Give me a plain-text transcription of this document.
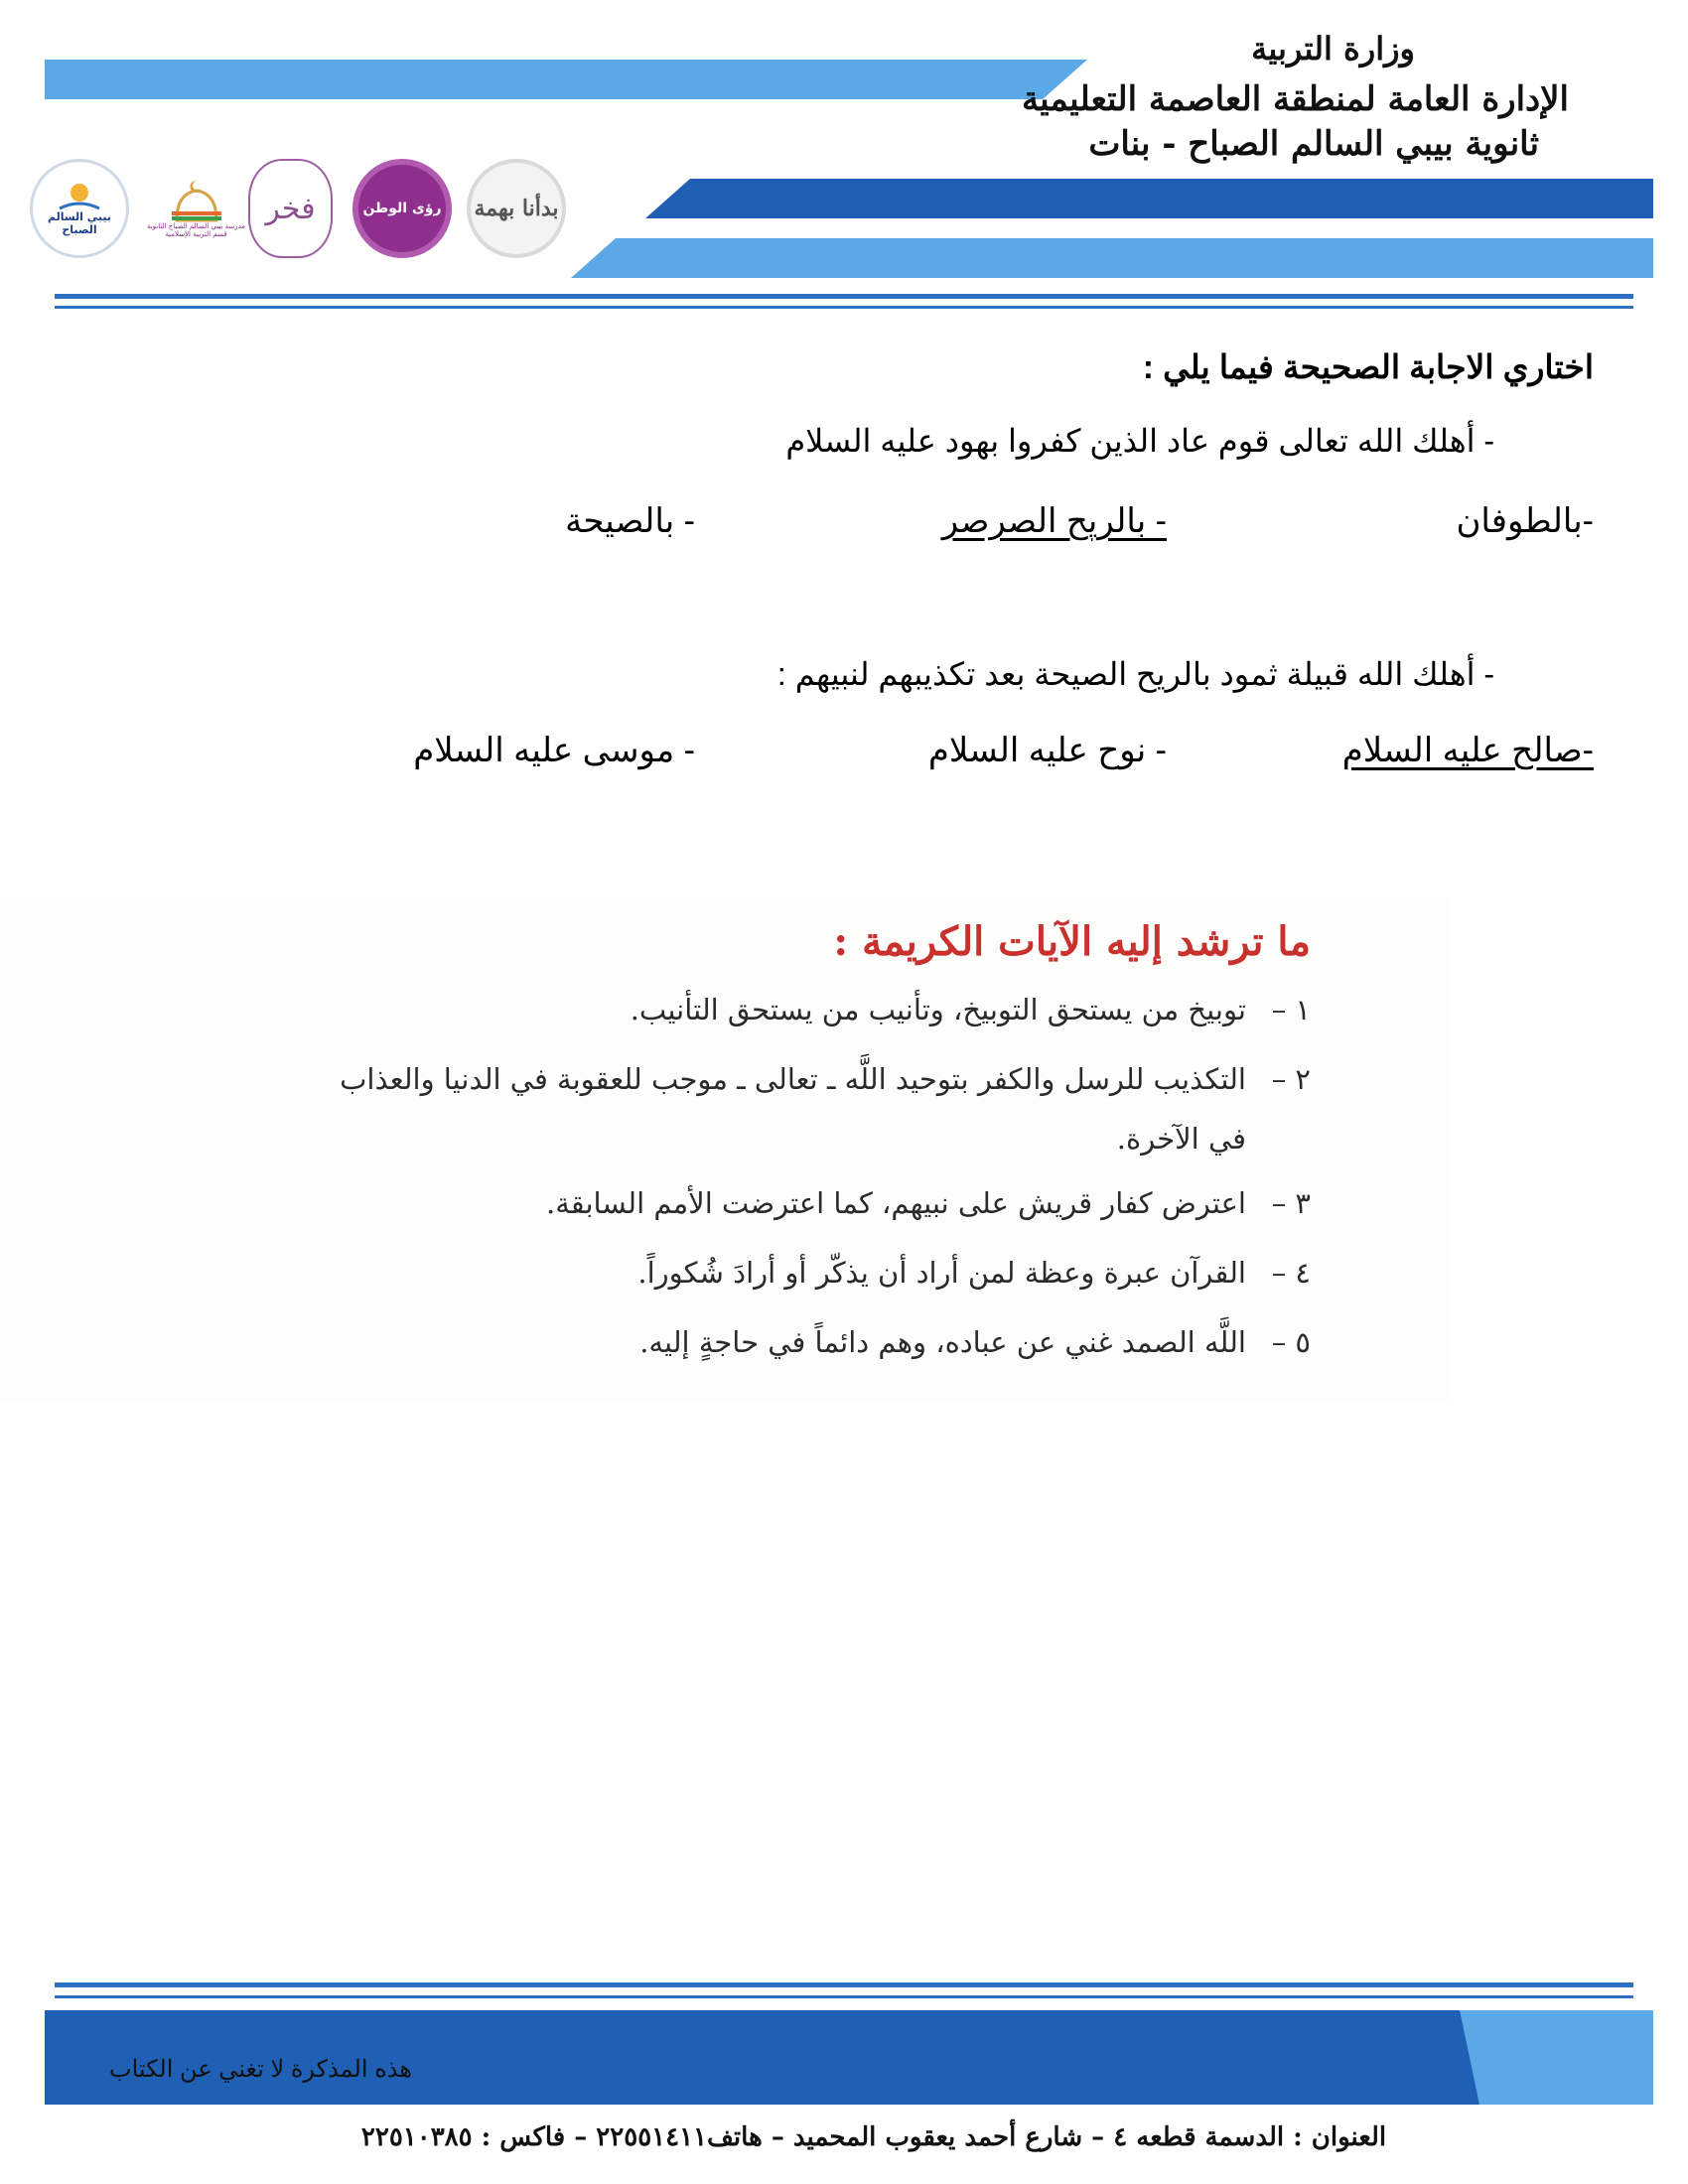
وزارة التربية
الإدارة العامة لمنطقة العاصمة التعليمية
ثانوية بيبي السالم الصباح - بنات
بدأنا بهمة
رؤى الوطن
فخر
مدرسة بيبي السالم الصباح الثانوية قسم التربية الإسلامية
بيبي السالم الصباح
اختاري الاجابة الصحيحة فيما يلي :
- أهلك الله تعالى قوم عاد الذين كفروا بهود عليه السلام
-بالطوفان
- بالريح الصرصر
- بالصيحة
- أهلك الله قبيلة ثمود بالريح الصيحة بعد تكذيبهم لنبيهم :
-صالح عليه السلام
- نوح عليه السلام
- موسى عليه السلام
ما ترشد إليه الآيات الكريمة :
١ –
توبيخ من يستحق التوبيخ، وتأنيب من يستحق التأنيب.
٢ –
التكذيب للرسل والكفر بتوحيد اللَّه ـ تعالى ـ موجب للعقوبة في الدنيا والعذاب
في الآخرة.
٣ –
اعترض كفار قريش على نبيهم، كما اعترضت الأمم السابقة.
٤ –
القرآن عبرة وعظة لمن أراد أن يذكّر أو أرادَ شُكوراً.
٥ –
اللَّه الصمد غني عن عباده، وهم دائماً في حاجةٍ إليه.
هذه المذكرة لا تغني عن الكتاب
العنوان : الدسمة قطعه ٤ – شارع أحمد يعقوب المحميد – هاتف٢٢٥٥١٤١١ – فاكس : ٢٢٥١٠٣٨٥
